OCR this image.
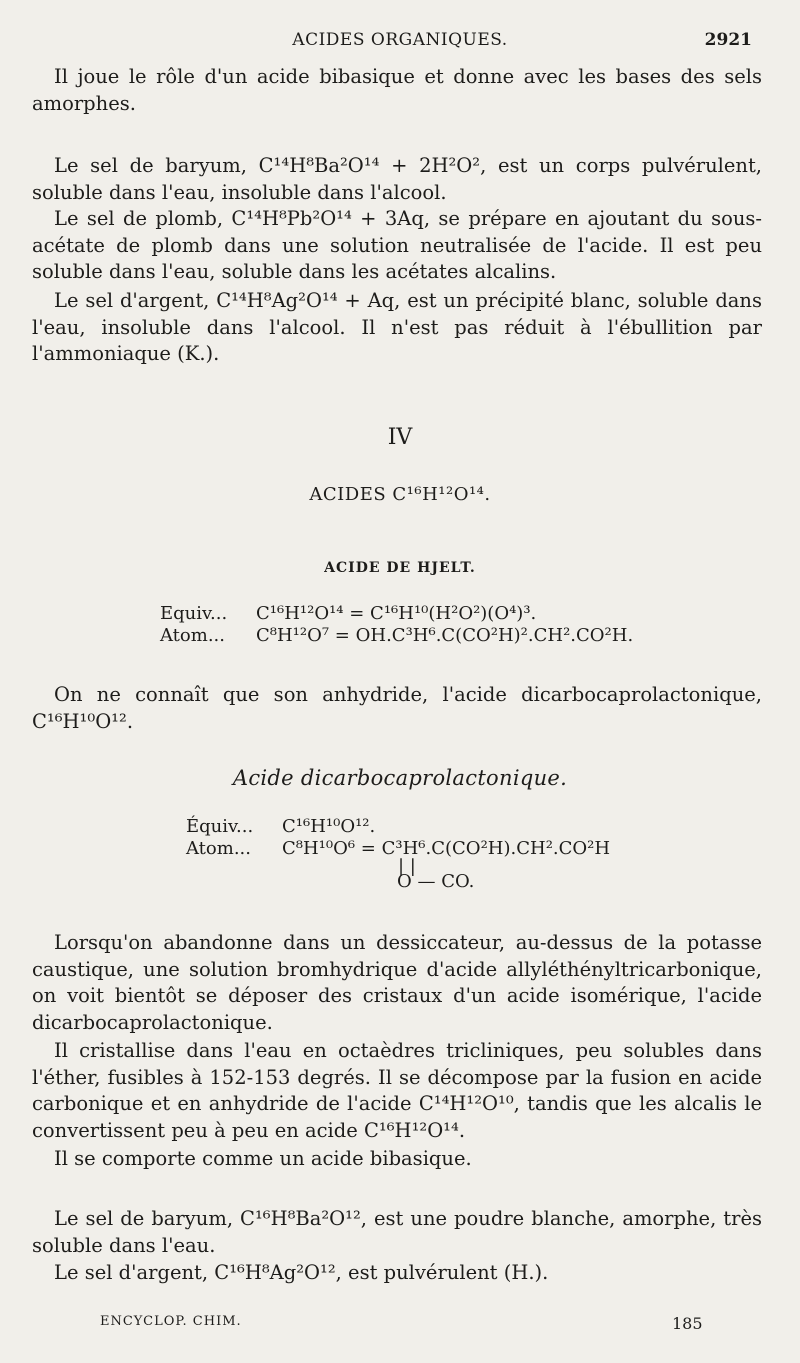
ACIDES ORGANIQUES.	2921
Il joue le rôle d'un acide bibasique et donne avec les bases des sels amorphes.
Le sel de baryum, C¹⁴H⁸Ba²O¹⁴ + 2H²O², est un corps pulvérulent, soluble dans l'eau, insoluble dans l'alcool.
Le sel de plomb, C¹⁴H⁸Pb²O¹⁴ + 3Aq, se prépare en ajoutant du sous-acétate de plomb dans une solution neutralisée de l'acide. Il est peu soluble dans l'eau, soluble dans les acétates alcalins.
Le sel d'argent, C¹⁴H⁸Ag²O¹⁴ + Aq, est un précipité blanc, soluble dans l'eau, insoluble dans l'alcool. Il n'est pas réduit à l'ébullition par l'ammoniaque (K.).
IV
ACIDES C¹⁶H¹²O¹⁴.
ACIDE DE HJELT.
Equiv... C¹⁶H¹²O¹⁴ = C¹⁶H¹⁰(H²O²)(O⁴)³.
Atom... C⁸H¹²O⁷ = OH.C³H⁶.C(CO²H)².CH².CO²H.
On ne connaît que son anhydride, l'acide dicarbocaprolactonique, C¹⁶H¹⁰O¹².
Acide dicarbocaprolactonique.
Équiv... C¹⁶H¹⁰O¹².
Atom... C⁸H¹⁰O⁶ = C³H⁶.C(CO²H).CH².CO²H
| |
O — CO.
Lorsqu'on abandonne dans un dessiccateur, au-dessus de la potasse caustique, une solution bromhydrique d'acide allyléthényltricarbonique, on voit bientôt se déposer des cristaux d'un acide isomérique, l'acide dicarbocaprolactonique.
Il cristallise dans l'eau en octaèdres tricliniques, peu solubles dans l'éther, fusibles à 152-153 degrés. Il se décompose par la fusion en acide carbonique et en anhydride de l'acide C¹⁴H¹²O¹⁰, tandis que les alcalis le convertissent peu à peu en acide C¹⁶H¹²O¹⁴.
Il se comporte comme un acide bibasique.
Le sel de baryum, C¹⁶H⁸Ba²O¹², est une poudre blanche, amorphe, très soluble dans l'eau.
Le sel d'argent, C¹⁶H⁸Ag²O¹², est pulvérulent (H.).
ENCYCLOP. CHIM.	185
